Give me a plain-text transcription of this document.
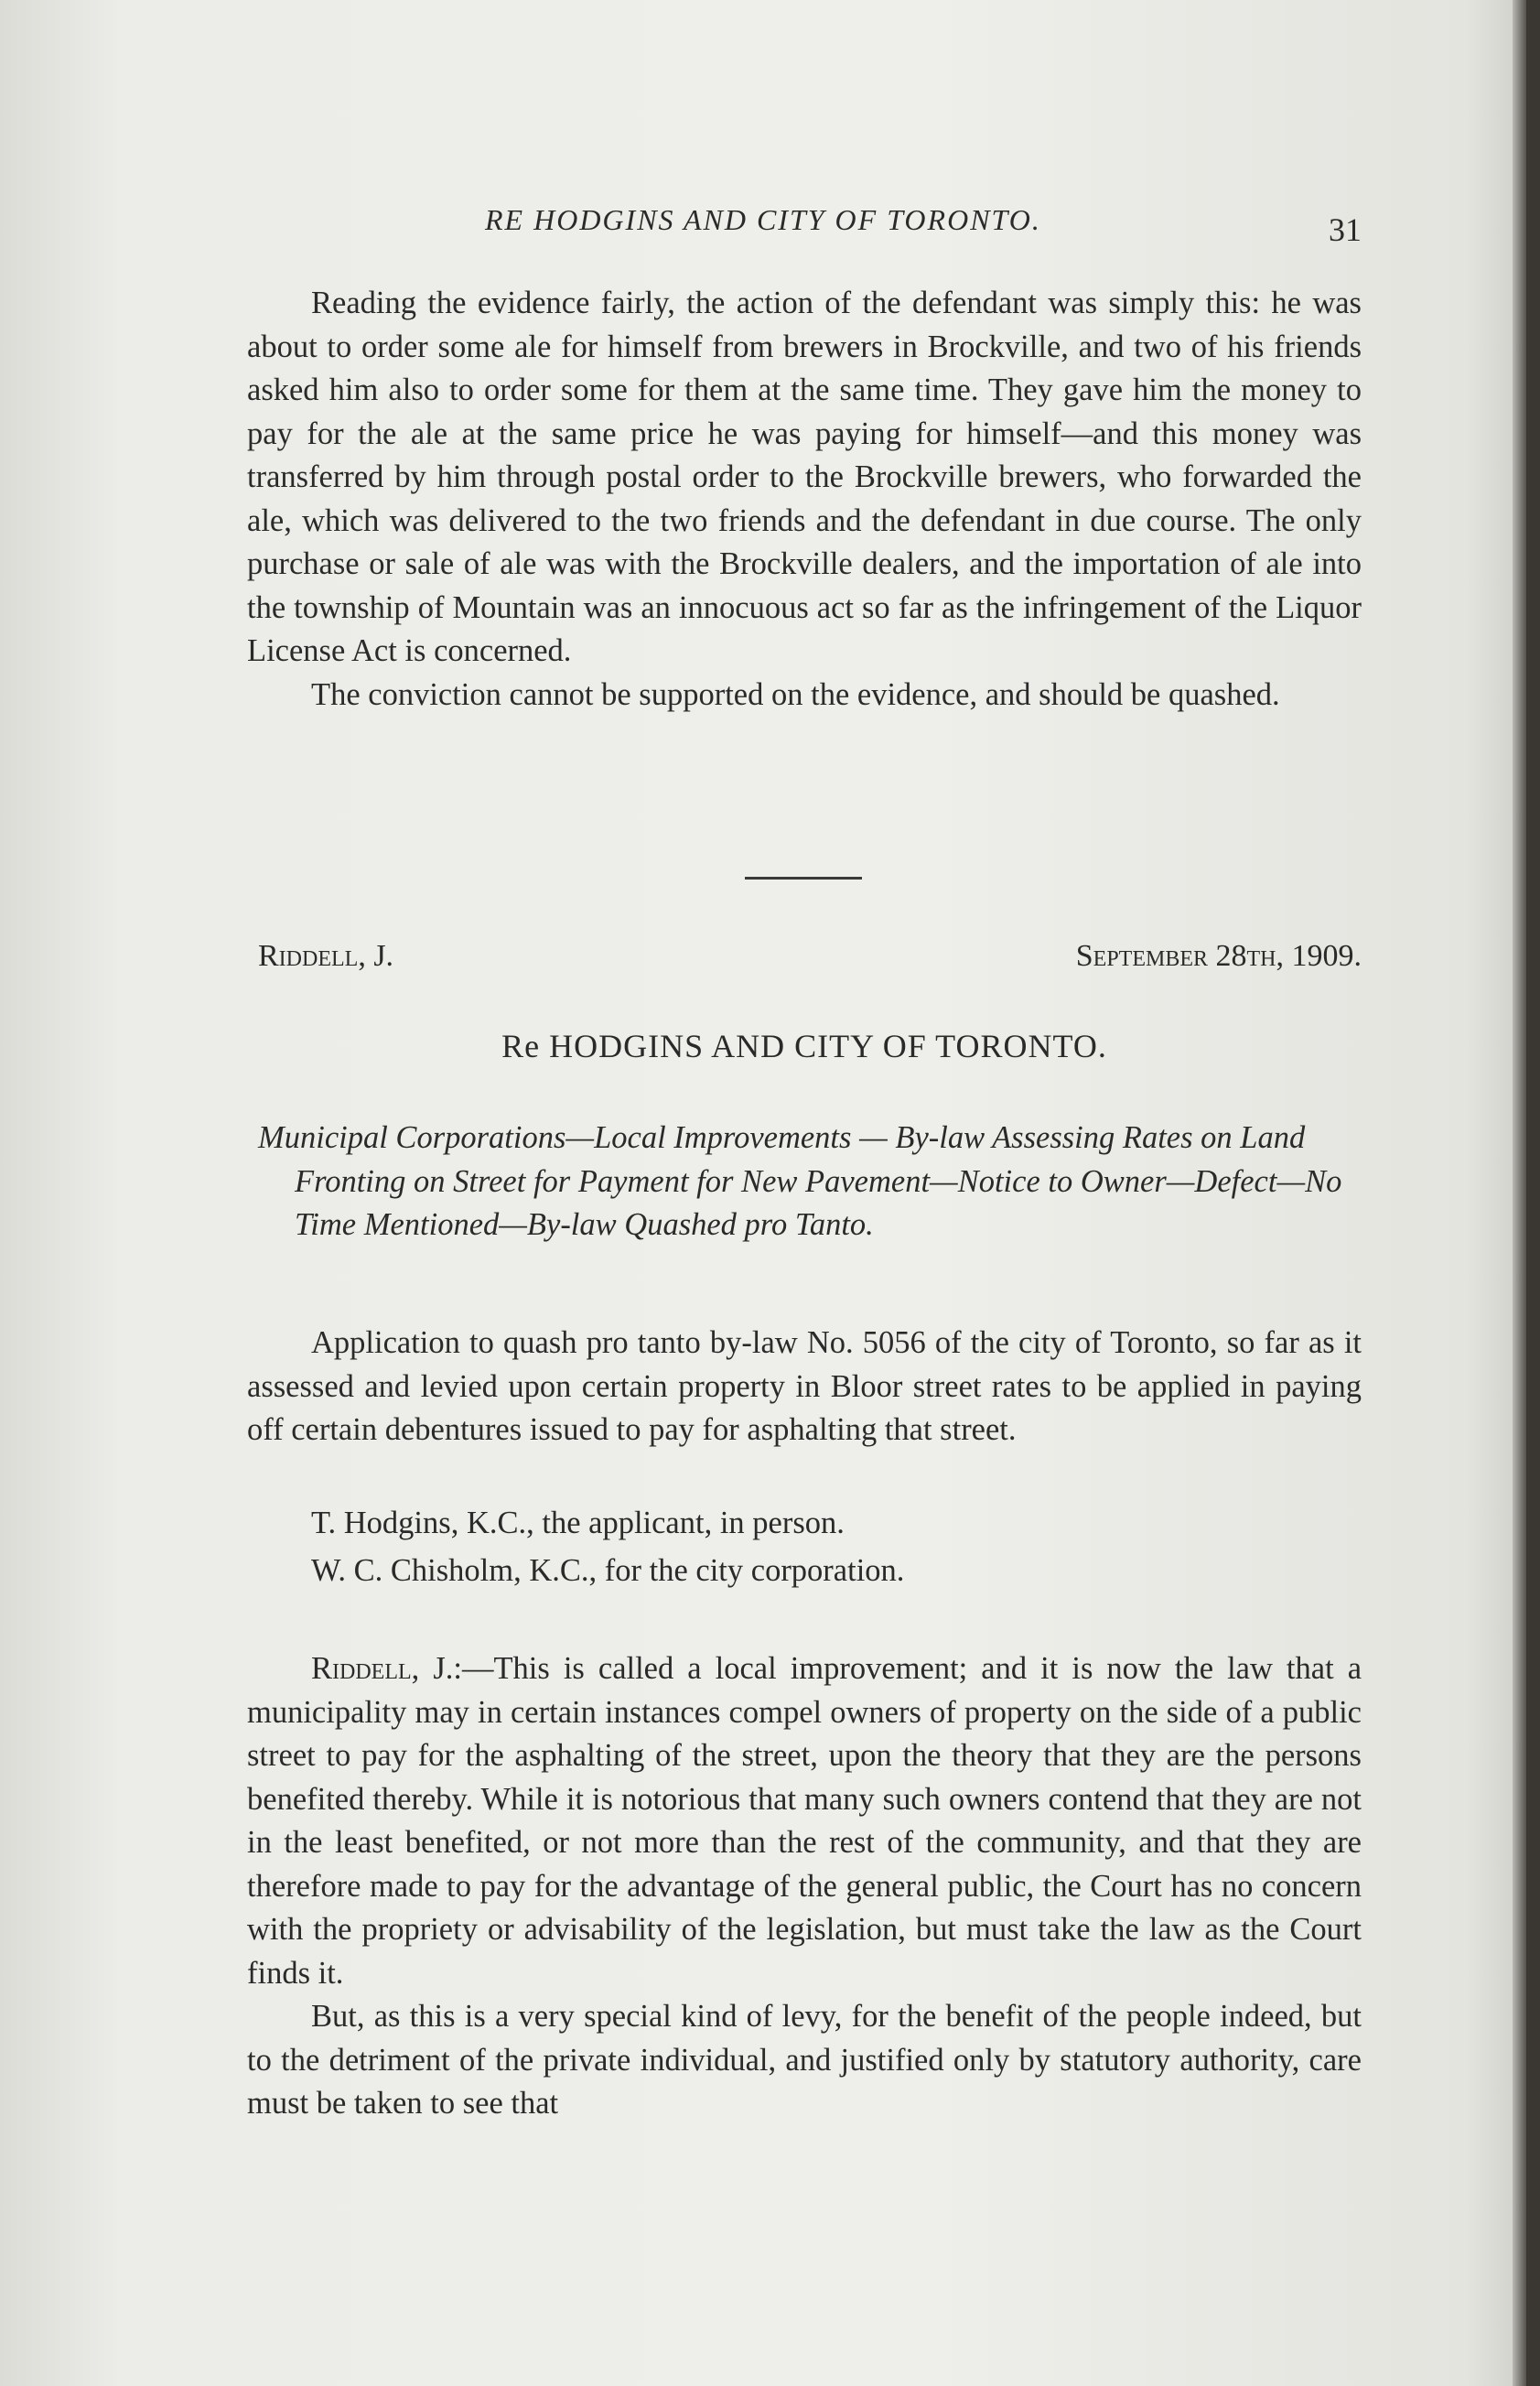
RE HODGINS AND CITY OF TORONTO.	31

Reading the evidence fairly, the action of the defendant was simply this: he was about to order some ale for himself from brewers in Brockville, and two of his friends asked him also to order some for them at the same time. They gave him the money to pay for the ale at the same price he was paying for himself—and this money was transferred by him through postal order to the Brockville brewers, who forwarded the ale, which was delivered to the two friends and the defendant in due course. The only purchase or sale of ale was with the Brockville dealers, and the importation of ale into the township of Mountain was an innocuous act so far as the infringement of the Liquor License Act is concerned.

The conviction cannot be supported on the evidence, and should be quashed.

Riddell, J.	September 28th, 1909.
Re HODGINS AND CITY OF TORONTO.

Municipal Corporations—Local Improvements — By-law Assessing Rates on Land Fronting on Street for Payment for New Pavement—Notice to Owner—Defect—No Time Mentioned—By-law Quashed pro Tanto.

Application to quash pro tanto by-law No. 5056 of the city of Toronto, so far as it assessed and levied upon certain property in Bloor street rates to be applied in paying off certain debentures issued to pay for asphalting that street.

T. Hodgins, K.C., the applicant, in person.

W. C. Chisholm, K.C., for the city corporation.

Riddell, J.:—This is called a local improvement; and it is now the law that a municipality may in certain instances compel owners of property on the side of a public street to pay for the asphalting of the street, upon the theory that they are the persons benefited thereby. While it is notorious that many such owners contend that they are not in the least benefited, or not more than the rest of the community, and that they are therefore made to pay for the advantage of the general public, the Court has no concern with the propriety or advisability of the legislation, but must take the law as the Court finds it.

But, as this is a very special kind of levy, for the benefit of the people indeed, but to the detriment of the private individual, and justified only by statutory authority, care must be taken to see that
